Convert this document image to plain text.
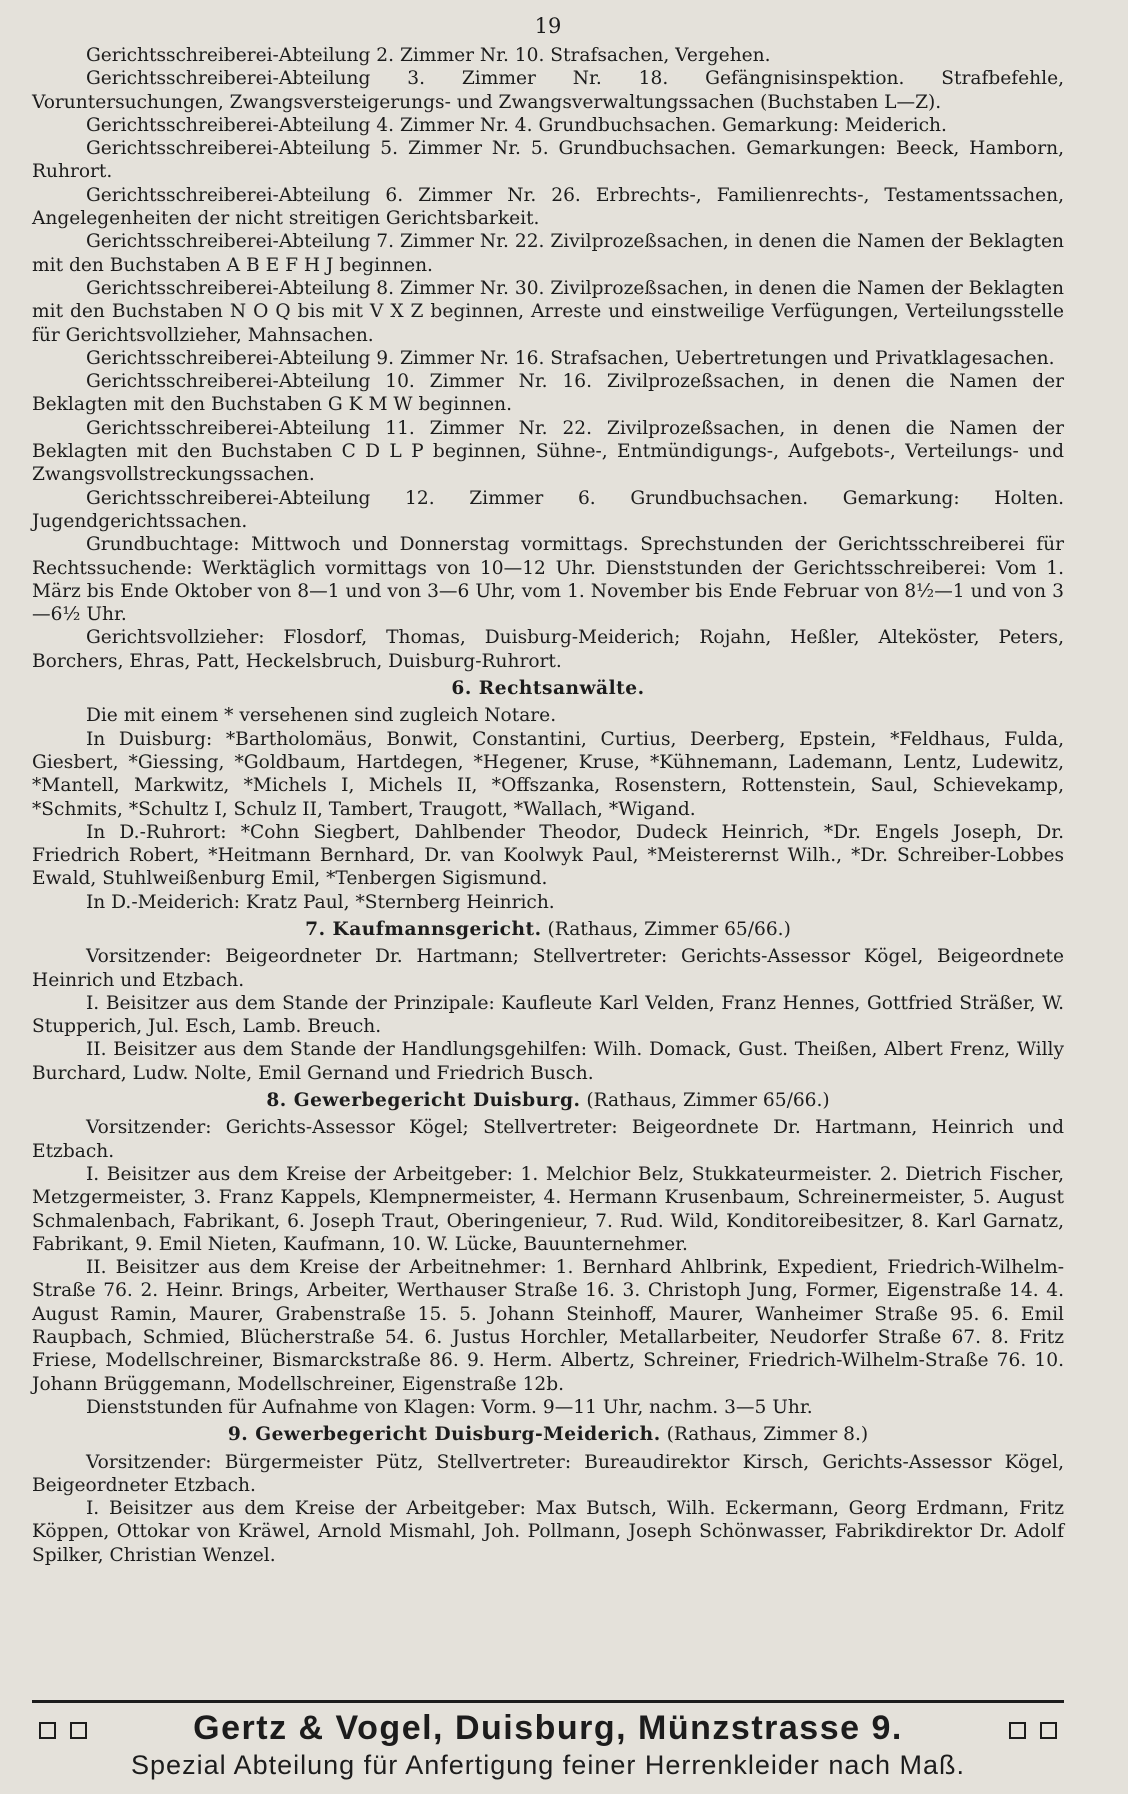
19

Gerichtsschreiberei-Abteilung 2. Zimmer Nr. 10. Strafsachen, Vergehen.

Gerichtsschreiberei-Abteilung 3. Zimmer Nr. 18. Gefängnisinspektion. Strafbefehle, Voruntersuchungen, Zwangsversteigerungs- und Zwangsverwaltungssachen (Buchstaben L—Z).

Gerichtsschreiberei-Abteilung 4. Zimmer Nr. 4. Grundbuchsachen. Gemarkung: Meiderich.

Gerichtsschreiberei-Abteilung 5. Zimmer Nr. 5. Grundbuchsachen. Gemarkungen: Beeck, Hamborn, Ruhrort.

Gerichtsschreiberei-Abteilung 6. Zimmer Nr. 26. Erbrechts-, Familienrechts-, Testamentssachen, Angelegenheiten der nicht streitigen Gerichtsbarkeit.

Gerichtsschreiberei-Abteilung 7. Zimmer Nr. 22. Zivilprozeßsachen, in denen die Namen der Beklagten mit den Buchstaben A B E F H J beginnen.

Gerichtsschreiberei-Abteilung 8. Zimmer Nr. 30. Zivilprozeßsachen, in denen die Namen der Beklagten mit den Buchstaben N O Q bis mit V X Z beginnen, Arreste und einstweilige Verfügungen, Verteilungsstelle für Gerichtsvollzieher, Mahnsachen.

Gerichtsschreiberei-Abteilung 9. Zimmer Nr. 16. Strafsachen, Uebertretungen und Privatklagesachen.

Gerichtsschreiberei-Abteilung 10. Zimmer Nr. 16. Zivilprozeßsachen, in denen die Namen der Beklagten mit den Buchstaben G K M W beginnen.

Gerichtsschreiberei-Abteilung 11. Zimmer Nr. 22. Zivilprozeßsachen, in denen die Namen der Beklagten mit den Buchstaben C D L P beginnen, Sühne-, Entmündigungs-, Aufgebots-, Verteilungs- und Zwangsvollstreckungssachen.

Gerichtsschreiberei-Abteilung 12. Zimmer 6. Grundbuchsachen. Gemarkung: Holten. Jugendgerichtssachen.

Grundbuchtage: Mittwoch und Donnerstag vormittags. Sprechstunden der Gerichtsschreiberei für Rechtssuchende: Werktäglich vormittags von 10—12 Uhr. Dienststunden der Gerichtsschreiberei: Vom 1. März bis Ende Oktober von 8—1 und von 3—6 Uhr, vom 1. November bis Ende Februar von 8½—1 und von 3—6½ Uhr.

Gerichtsvollzieher: Flosdorf, Thomas, Duisburg-Meiderich; Rojahn, Heßler, Alteköster, Peters, Borchers, Ehras, Patt, Heckelsbruch, Duisburg-Ruhrort.

6. Rechtsanwälte.

Die mit einem * versehenen sind zugleich Notare.

In Duisburg: *Bartholomäus, Bonwit, Constantini, Curtius, Deerberg, Epstein, *Feldhaus, Fulda, Giesbert, *Giessing, *Goldbaum, Hartdegen, *Hegener, Kruse, *Kühnemann, Lademann, Lentz, Ludewitz, *Mantell, Markwitz, *Michels I, Michels II, *Offszanka, Rosenstern, Rottenstein, Saul, Schievekamp, *Schmits, *Schultz I, Schulz II, Tambert, Traugott, *Wallach, *Wigand.

In D.-Ruhrort: *Cohn Siegbert, Dahlbender Theodor, Dudeck Heinrich, *Dr. Engels Joseph, Dr. Friedrich Robert, *Heitmann Bernhard, Dr. van Koolwyk Paul, *Meisterernst Wilh., *Dr. Schreiber-Lobbes Ewald, Stuhlweißenburg Emil, *Tenbergen Sigismund.

In D.-Meiderich: Kratz Paul, *Sternberg Heinrich.

7. Kaufmannsgericht. (Rathaus, Zimmer 65/66.)

Vorsitzender: Beigeordneter Dr. Hartmann; Stellvertreter: Gerichts-Assessor Kögel, Beigeordnete Heinrich und Etzbach.

I. Beisitzer aus dem Stande der Prinzipale: Kaufleute Karl Velden, Franz Hennes, Gottfried Sträßer, W. Stupperich, Jul. Esch, Lamb. Breuch.

II. Beisitzer aus dem Stande der Handlungsgehilfen: Wilh. Domack, Gust. Theißen, Albert Frenz, Willy Burchard, Ludw. Nolte, Emil Gernand und Friedrich Busch.

8. Gewerbegericht Duisburg. (Rathaus, Zimmer 65/66.)

Vorsitzender: Gerichts-Assessor Kögel; Stellvertreter: Beigeordnete Dr. Hartmann, Heinrich und Etzbach.

I. Beisitzer aus dem Kreise der Arbeitgeber: 1. Melchior Belz, Stukkateurmeister. 2. Dietrich Fischer, Metzgermeister, 3. Franz Kappels, Klempnermeister, 4. Hermann Krusenbaum, Schreinermeister, 5. August Schmalenbach, Fabrikant, 6. Joseph Traut, Oberingenieur, 7. Rud. Wild, Konditoreibesitzer, 8. Karl Garnatz, Fabrikant, 9. Emil Nieten, Kaufmann, 10. W. Lücke, Bauunternehmer.

II. Beisitzer aus dem Kreise der Arbeitnehmer: 1. Bernhard Ahlbrink, Expedient, Friedrich-Wilhelm-Straße 76. 2. Heinr. Brings, Arbeiter, Werthauser Straße 16. 3. Christoph Jung, Former, Eigenstraße 14. 4. August Ramin, Maurer, Grabenstraße 15. 5. Johann Steinhoff, Maurer, Wanheimer Straße 95. 6. Emil Raupbach, Schmied, Blücherstraße 54. 6. Justus Horchler, Metallarbeiter, Neudorfer Straße 67. 8. Fritz Friese, Modellschreiner, Bismarckstraße 86. 9. Herm. Albertz, Schreiner, Friedrich-Wilhelm-Straße 76. 10. Johann Brüggemann, Modellschreiner, Eigenstraße 12b.

Dienststunden für Aufnahme von Klagen: Vorm. 9—11 Uhr, nachm. 3—5 Uhr.

9. Gewerbegericht Duisburg-Meiderich. (Rathaus, Zimmer 8.)

Vorsitzender: Bürgermeister Pütz, Stellvertreter: Bureaudirektor Kirsch, Gerichts-Assessor Kögel, Beigeordneter Etzbach.

I. Beisitzer aus dem Kreise der Arbeitgeber: Max Butsch, Wilh. Eckermann, Georg Erdmann, Fritz Köppen, Ottokar von Kräwel, Arnold Mismahl, Joh. Pollmann, Joseph Schönwasser, Fabrikdirektor Dr. Adolf Spilker, Christian Wenzel.

Gertz & Vogel, Duisburg, Münzstrasse 9.
Spezial Abteilung für Anfertigung feiner Herrenkleider nach Maß.
